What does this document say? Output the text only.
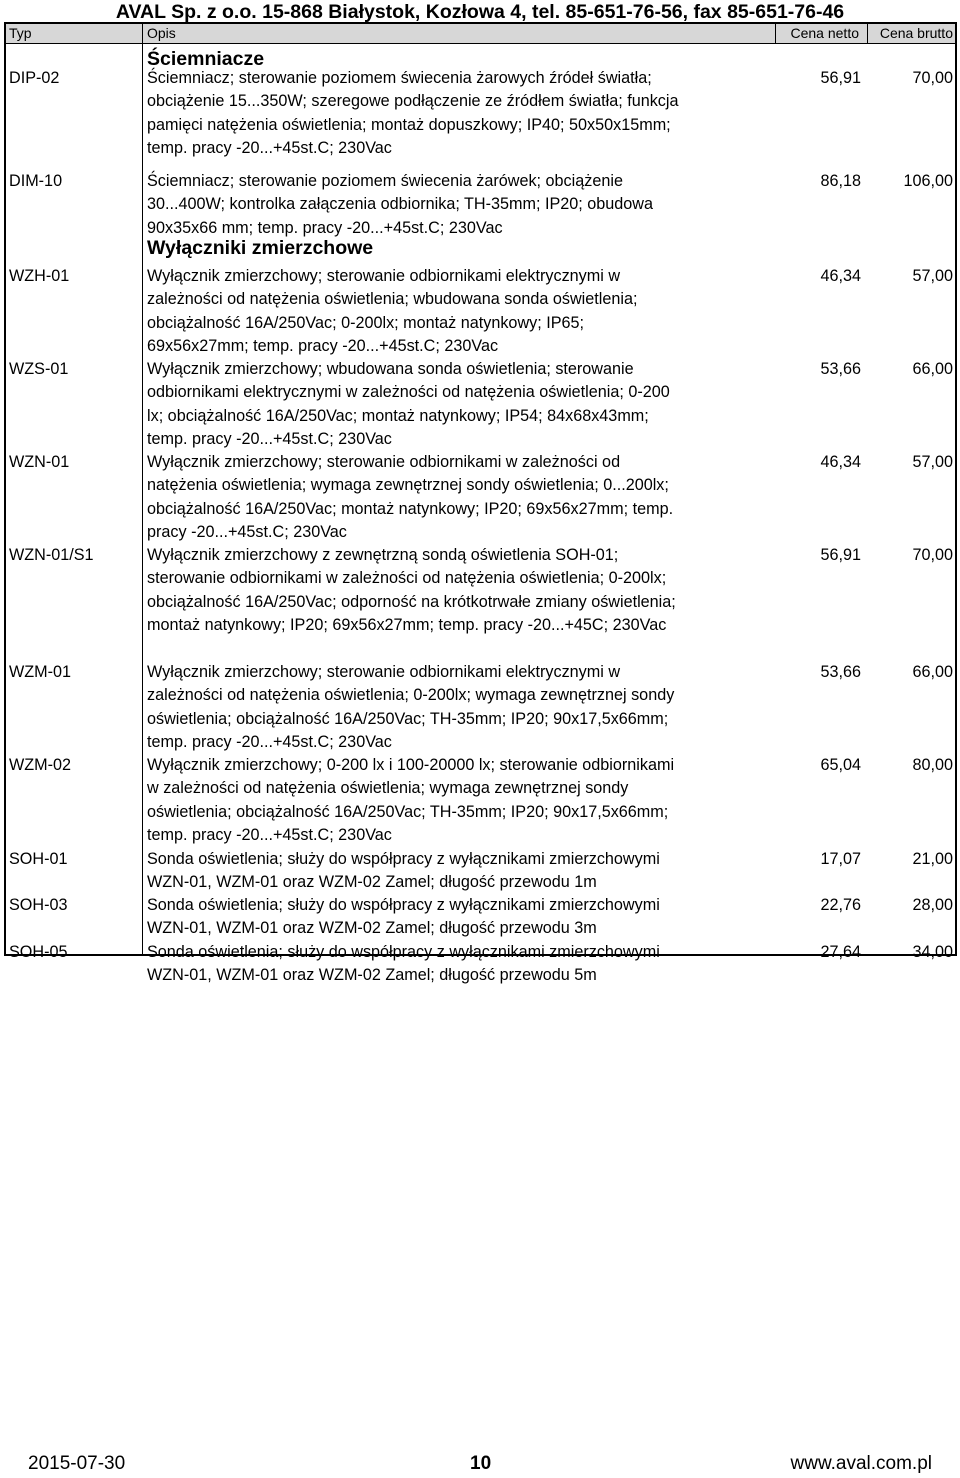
AVAL Sp. z o.o. 15-868 Białystok, Kozłowa 4, tel. 85-651-76-56, fax 85-651-76-46
Typ	Opis	Cena netto Cena brutto
Ściemniacze
DIP-02	Ściemniacz; sterowanie poziomem świecenia żarowych źródeł światła;
obciążenie 15...350W; szeregowe podłączenie ze źródłem światła; funkcja
pamięci natężenia oświetlenia; montaż dopuszkowy; IP40; 50x50x15mm;
temp. pracy -20...+45st.C; 230Vac
56,91	70,00
DIM-10	Ściemniacz; sterowanie poziomem świecenia żarówek; obciążenie
30...400W; kontrolka załączenia odbiornika; TH-35mm; IP20; obudowa
90x35x66 mm; temp. pracy -20...+45st.C; 230Vac
86,18	106,00
Wyłączniki zmierzchowe
WZH-01	Wyłącznik zmierzchowy; sterowanie odbiornikami elektrycznymi w
zależności od natężenia oświetlenia; wbudowana sonda oświetlenia;
obciążalność 16A/250Vac; 0-200lx; montaż natynkowy; IP65;
69x56x27mm; temp. pracy -20...+45st.C; 230Vac
46,34	57,00
WZS-01	Wyłącznik zmierzchowy; wbudowana sonda oświetlenia; sterowanie
odbiornikami elektrycznymi w zależności od natężenia oświetlenia; 0-200
lx; obciążalność 16A/250Vac; montaż natynkowy; IP54; 84x68x43mm;
temp. pracy -20...+45st.C; 230Vac
53,66	66,00
WZN-01	Wyłącznik zmierzchowy; sterowanie odbiornikami w zależności od
natężenia oświetlenia; wymaga zewnętrznej sondy oświetlenia; 0...200lx;
obciążalność 16A/250Vac; montaż natynkowy; IP20; 69x56x27mm; temp.
pracy -20...+45st.C; 230Vac
46,34	57,00
WZN-01/S1	Wyłącznik zmierzchowy z zewnętrzną sondą oświetlenia SOH-01;
sterowanie odbiornikami w zależności od natężenia oświetlenia; 0-200lx;
obciążalność 16A/250Vac; odporność na krótkotrwałe zmiany oświetlenia;
montaż natynkowy; IP20; 69x56x27mm; temp. pracy -20...+45C; 230Vac
56,91	70,00
WZM-01	Wyłącznik zmierzchowy; sterowanie odbiornikami elektrycznymi w
zależności od natężenia oświetlenia; 0-200lx; wymaga zewnętrznej sondy
oświetlenia; obciążalność 16A/250Vac; TH-35mm; IP20; 90x17,5x66mm;
temp. pracy -20...+45st.C; 230Vac
53,66	66,00
WZM-02	Wyłącznik zmierzchowy; 0-200 lx i 100-20000 lx; sterowanie odbiornikami
w zależności od natężenia oświetlenia; wymaga zewnętrznej sondy
oświetlenia; obciążalność 16A/250Vac; TH-35mm; IP20; 90x17,5x66mm;
temp. pracy -20...+45st.C; 230Vac
65,04	80,00
SOH-01	Sonda oświetlenia; służy do współpracy z wyłącznikami zmierzchowymi
WZN-01, WZM-01 oraz WZM-02 Zamel; długość przewodu 1m
17,07	21,00
SOH-03	Sonda oświetlenia; służy do współpracy z wyłącznikami zmierzchowymi
WZN-01, WZM-01 oraz WZM-02 Zamel; długość przewodu 3m
22,76	28,00
SOH-05	Sonda oświetlenia; służy do współpracy z wyłącznikami zmierzchowymi
WZN-01, WZM-01 oraz WZM-02 Zamel; długość przewodu 5m
27,64	34,00
2015-07-30	10	www.aval.com.pl
